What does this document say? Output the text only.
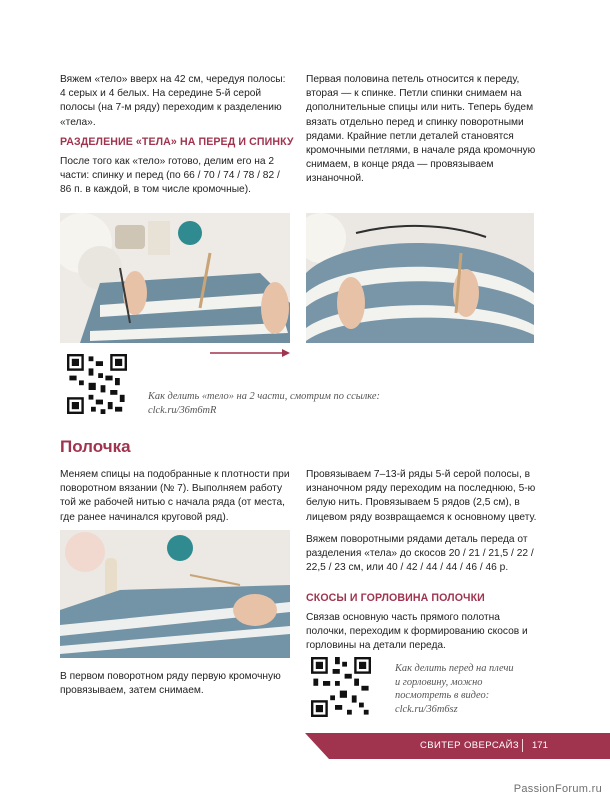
Вяжем «тело» вверх на 42 см, чередуя полосы: 4 серых и 4 белых. На середине 5-й серой полосы (на 7-м ряду) переходим к разделению «тела».

РАЗДЕЛЕНИЕ «ТЕЛА» НА ПЕРЕД И СПИНКУ

После того как «тело» готово, делим его на 2 части: спинку и перед (по 66 / 70 / 74 / 78 / 82 / 86 п. в каждой, в том числе кромочные).

Первая половина петель относится к переду, вторая — к спинке. Петли спинки снимаем на дополнительные спицы или нить. Теперь будем вязать отдельно перед и спинку поворотными рядами. Крайние петли деталей становятся кромочными петлями, в начале ряда кромочную снимаем, в конце ряда — провязываем изнаночной.

Как делить «тело» на 2 части, смотрим по ссылке:
clck.ru/36m6mR
Полочка

Меняем спицы на подобранные к плотности при поворотном вязании (№ 7). Выполняем работу той же рабочей нитью с начала ряда (от места, где ранее начинался круговой ряд).

В первом поворотном ряду первую кромочную провязываем, затем снимаем.

Провязываем 7–13-й ряды 5-й серой полосы, в изнаночном ряду переходим на последнюю, 5-ю белую нить. Провязываем 5 рядов (2,5 см), в лицевом ряду возвращаемся к основному цвету.

Вяжем поворотными рядами деталь переда от разделения «тела» до скосов 20 / 21 / 21,5 / 22 / 22,5 / 23 см, или 40 / 42 / 44 / 44 / 46 / 46 р.

СКОСЫ И ГОРЛОВИНА ПОЛОЧКИ

Связав основную часть прямого полотна полочки, переходим к формированию скосов и горловины на детали переда.

Как делить перед на плечи
и горловину, можно
посмотреть в видео:
clck.ru/36m6sz
СВИТЕР ОВЕРСАЙЗ 171
PassionForum.ru
